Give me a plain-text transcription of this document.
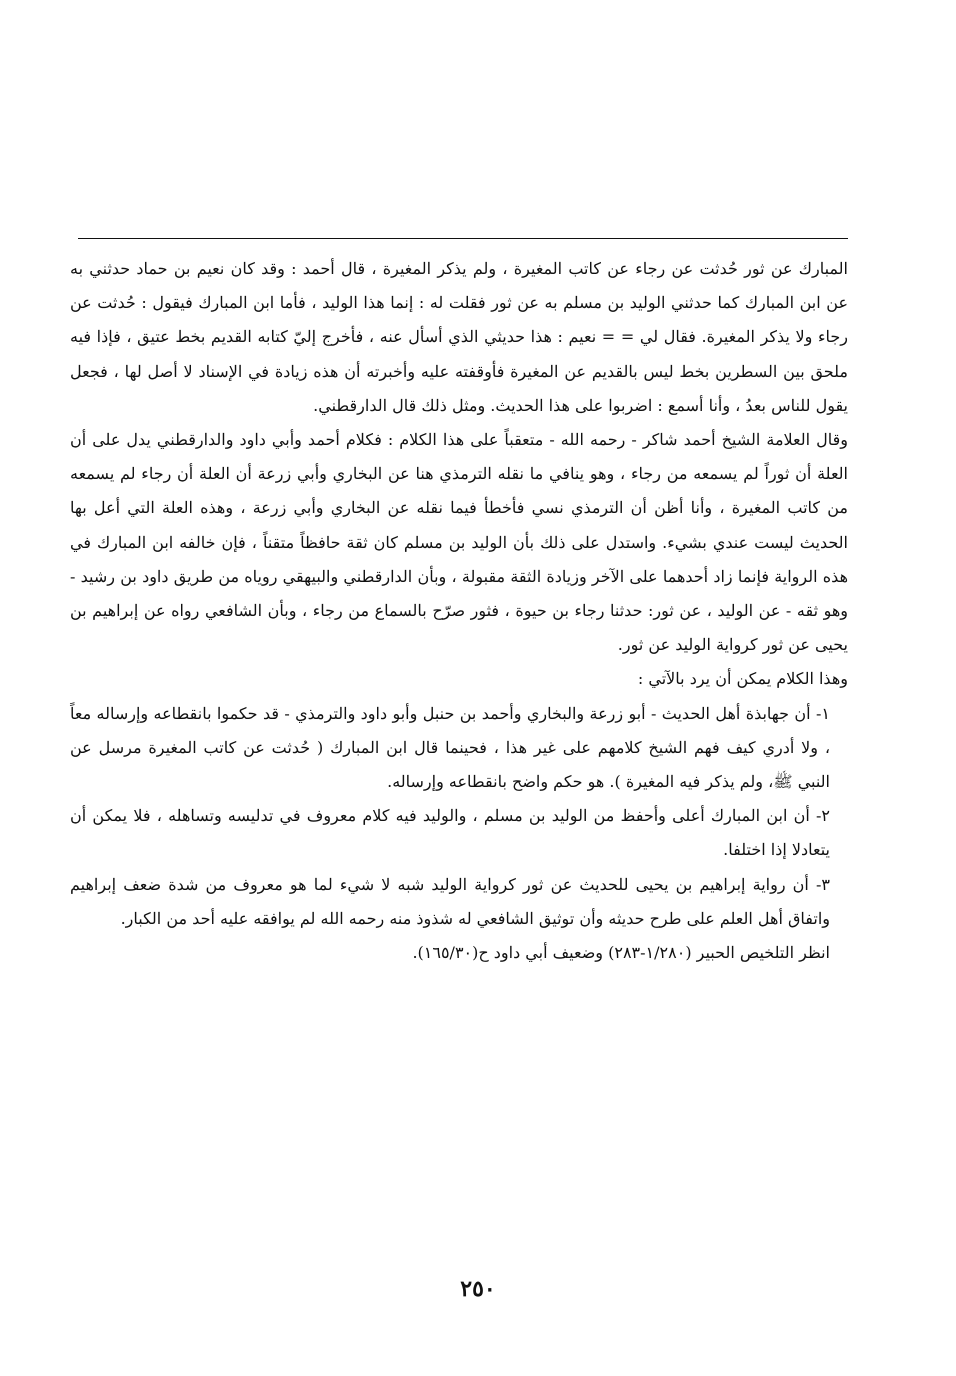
المبارك عن ثور حُدثت عن رجاء عن كاتب المغيرة ، ولم يذكر المغيرة ، قال أحمد : وقد كان نعيم بن حماد حدثني به عن ابن المبارك كما حدثني الوليد بن مسلم به عن ثور فقلت له : إنما هذا الوليد ، فأما ابن المبارك فيقول : حُدثت عن رجاء ولا يذكر المغيرة. فقال لي = = نعيم : هذا حديثي الذي أسأل عنه ، فأخرج إليّ كتابه القديم بخط عتيق ، فإذا فيه ملحق بين السطرين بخط ليس بالقديم عن المغيرة فأوقفته عليه وأخبرته أن هذه زيادة في الإسناد لا أصل لها ، فجعل يقول للناس بعدُ ، وأنا أسمع : اضربوا على هذا الحديث. ومثل ذلك قال الدارقطني.

وقال العلامة الشيخ أحمد شاكر - رحمه الله - متعقباً على هذا الكلام : فكلام أحمد وأبي داود والدارقطني يدل على أن العلة أن ثوراً لم يسمعه من رجاء ، وهو ينافي ما نقله الترمذي هنا عن البخاري وأبي زرعة أن العلة أن رجاء لم يسمعه من كاتب المغيرة ، وأنا أظن أن الترمذي نسي فأخطأ فيما نقله عن البخاري وأبي زرعة ، وهذه العلة التي أعل بها الحديث ليست عندي بشيء. واستدل على ذلك بأن الوليد بن مسلم كان ثقة حافظاً متقناً ، فإن خالفه ابن المبارك في هذه الرواية فإنما زاد أحدهما على الآخر وزيادة الثقة مقبولة ، وبأن الدارقطني والبيهقي روياه من طريق داود بن رشيد - وهو ثقه - عن الوليد ، عن ثور: حدثنا رجاء بن حيوة ، فثور صرّح بالسماع من رجاء ، وبأن الشافعي رواه عن إبراهيم بن يحيى عن ثور كرواية الوليد عن ثور.

وهذا الكلام يمكن أن يرد بالآتي :

١- أن جهابذة أهل الحديث - أبو زرعة والبخاري وأحمد بن حنبل وأبو داود والترمذي - قد حكموا بانقطاعه وإرساله معاً ، ولا أدري كيف فهم الشيخ كلامهم على غير هذا ، فحينما قال ابن المبارك ( حُدثت عن كاتب المغيرة مرسل عن النبي ﷺ، ولم يذكر فيه المغيرة ). هو حكم واضح بانقطاعه وإرساله.

٢- أن ابن المبارك أعلى وأحفظ من الوليد بن مسلم ، والوليد فيه كلام معروف في تدليسه وتساهله ، فلا يمكن أن يتعادلا إذا اختلفا.

٣- أن رواية إبراهيم بن يحيى للحديث عن ثور كرواية الوليد شبه لا شيء لما هو معروف من شدة ضعف إبراهيم واتفاق أهل العلم على طرح حديثه وأن توثيق الشافعي له شذوذ منه رحمه الله لم يوافقه عليه أحد من الكبار.

انظر التلخيص الحبير (١/٢٨٠-٢٨٣) وضعيف أبي داود ح(١٦٥/٣٠).

٢٥٠
